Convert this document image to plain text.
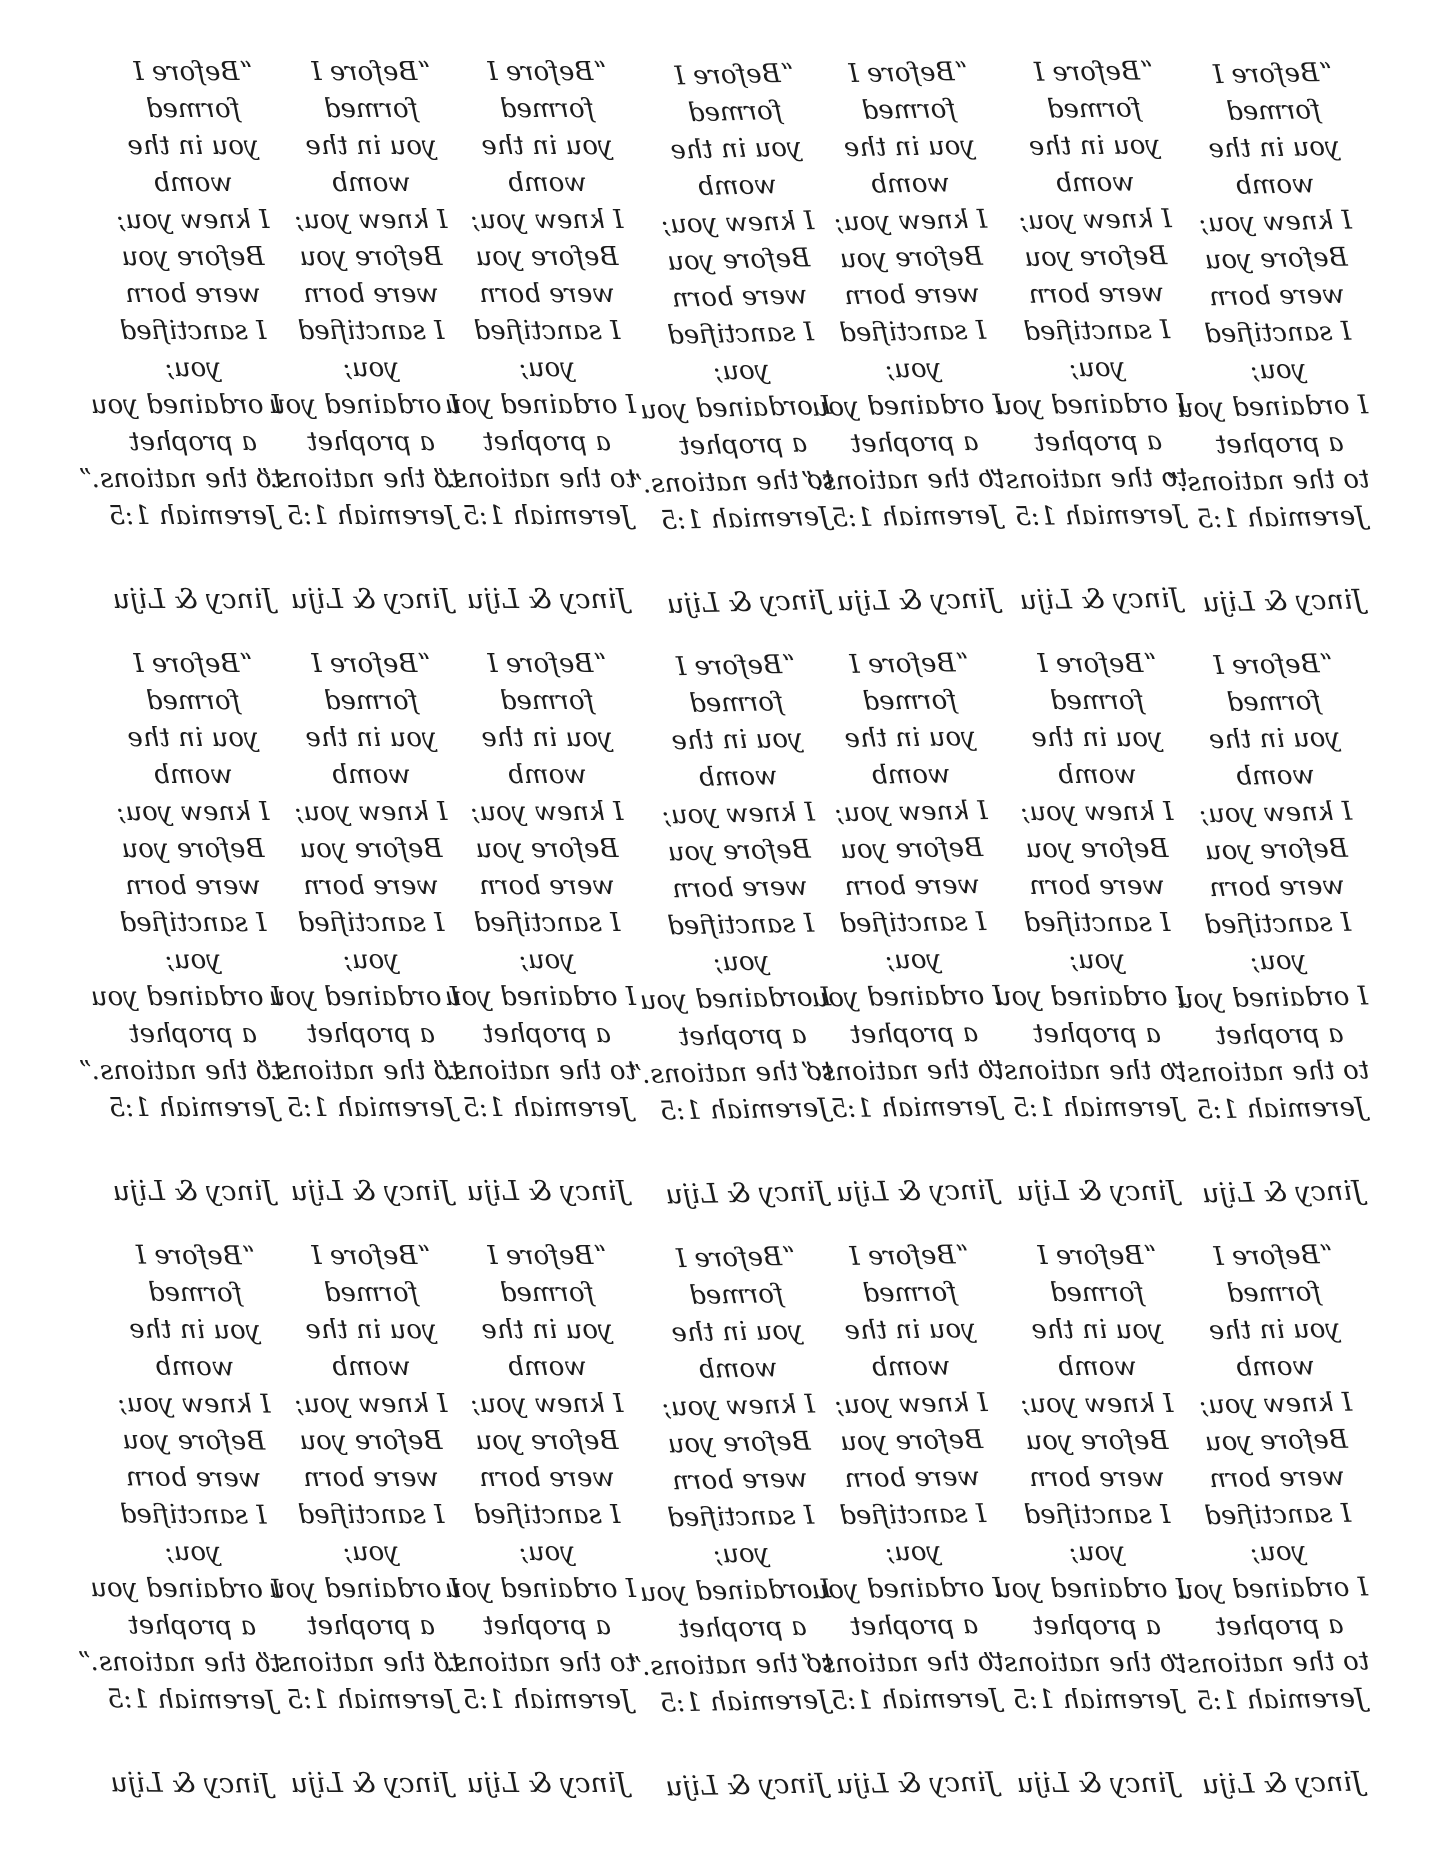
“Before I
formed
you in the
womb
I knew you;
Before you
were born
I sanctified
you;
I ordained you
a prophet
to the nations.”
Jeremiah 1:5
Jincy & Liju
“Before I
formed
you in the
womb
I knew you;
Before you
were born
I sanctified
you;
I ordained you
a prophet
to the nations.”
Jeremiah 1:5
Jincy & Liju
“Before I
formed
you in the
womb
I knew you;
Before you
were born
I sanctified
you;
I ordained you
a prophet
to the nations.”
Jeremiah 1:5
Jincy & Liju
“Before I
formed
you in the
womb
I knew you;
Before you
were born
I sanctified
you;
I ordained you
a prophet
to the nations.”
Jeremiah 1:5
Jincy & Liju
“Before I
formed
you in the
womb
I knew you;
Before you
were born
I sanctified
you;
I ordained you
a prophet
to the nations.”
Jeremiah 1:5
Jincy & Liju
“Before I
formed
you in the
womb
I knew you;
Before you
were born
I sanctified
you;
I ordained you
a prophet
to the nations.”
Jeremiah 1:5
Jincy & Liju
“Before I
formed
you in the
womb
I knew you;
Before you
were born
I sanctified
you;
I ordained you
a prophet
to the nations.”
Jeremiah 1:5
Jincy & Liju
“Before I
formed
you in the
womb
I knew you;
Before you
were born
I sanctified
you;
I ordained you
a prophet
to the nations.”
Jeremiah 1:5
Jincy & Liju
“Before I
formed
you in the
womb
I knew you;
Before you
were born
I sanctified
you;
I ordained you
a prophet
to the nations.”
Jeremiah 1:5
Jincy & Liju
“Before I
formed
you in the
womb
I knew you;
Before you
were born
I sanctified
you;
I ordained you
a prophet
to the nations.”
Jeremiah 1:5
Jincy & Liju
“Before I
formed
you in the
womb
I knew you;
Before you
were born
I sanctified
you;
I ordained you
a prophet
to the nations.”
Jeremiah 1:5
Jincy & Liju
“Before I
formed
you in the
womb
I knew you;
Before you
were born
I sanctified
you;
I ordained you
a prophet
to the nations.”
Jeremiah 1:5
Jincy & Liju
“Before I
formed
you in the
womb
I knew you;
Before you
were born
I sanctified
you;
I ordained you
a prophet
to the nations.”
Jeremiah 1:5
Jincy & Liju
“Before I
formed
you in the
womb
I knew you;
Before you
were born
I sanctified
you;
I ordained you
a prophet
to the nations.”
Jeremiah 1:5
Jincy & Liju
“Before I
formed
you in the
womb
I knew you;
Before you
were born
I sanctified
you;
I ordained you
a prophet
to the nations.”
Jeremiah 1:5
Jincy & Liju
“Before I
formed
you in the
womb
I knew you;
Before you
were born
I sanctified
you;
I ordained you
a prophet
to the nations.”
Jeremiah 1:5
Jincy & Liju
“Before I
formed
you in the
womb
I knew you;
Before you
were born
I sanctified
you;
I ordained you
a prophet
to the nations.”
Jeremiah 1:5
Jincy & Liju
“Before I
formed
you in the
womb
I knew you;
Before you
were born
I sanctified
you;
I ordained you
a prophet
to the nations.”
Jeremiah 1:5
Jincy & Liju
“Before I
formed
you in the
womb
I knew you;
Before you
were born
I sanctified
you;
I ordained you
a prophet
to the nations.”
Jeremiah 1:5
Jincy & Liju
“Before I
formed
you in the
womb
I knew you;
Before you
were born
I sanctified
you;
I ordained you
a prophet
to the nations.”
Jeremiah 1:5
Jincy & Liju
“Before I
formed
you in the
womb
I knew you;
Before you
were born
I sanctified
you;
I ordained you
a prophet
to the nations.”
Jeremiah 1:5
Jincy & Liju
